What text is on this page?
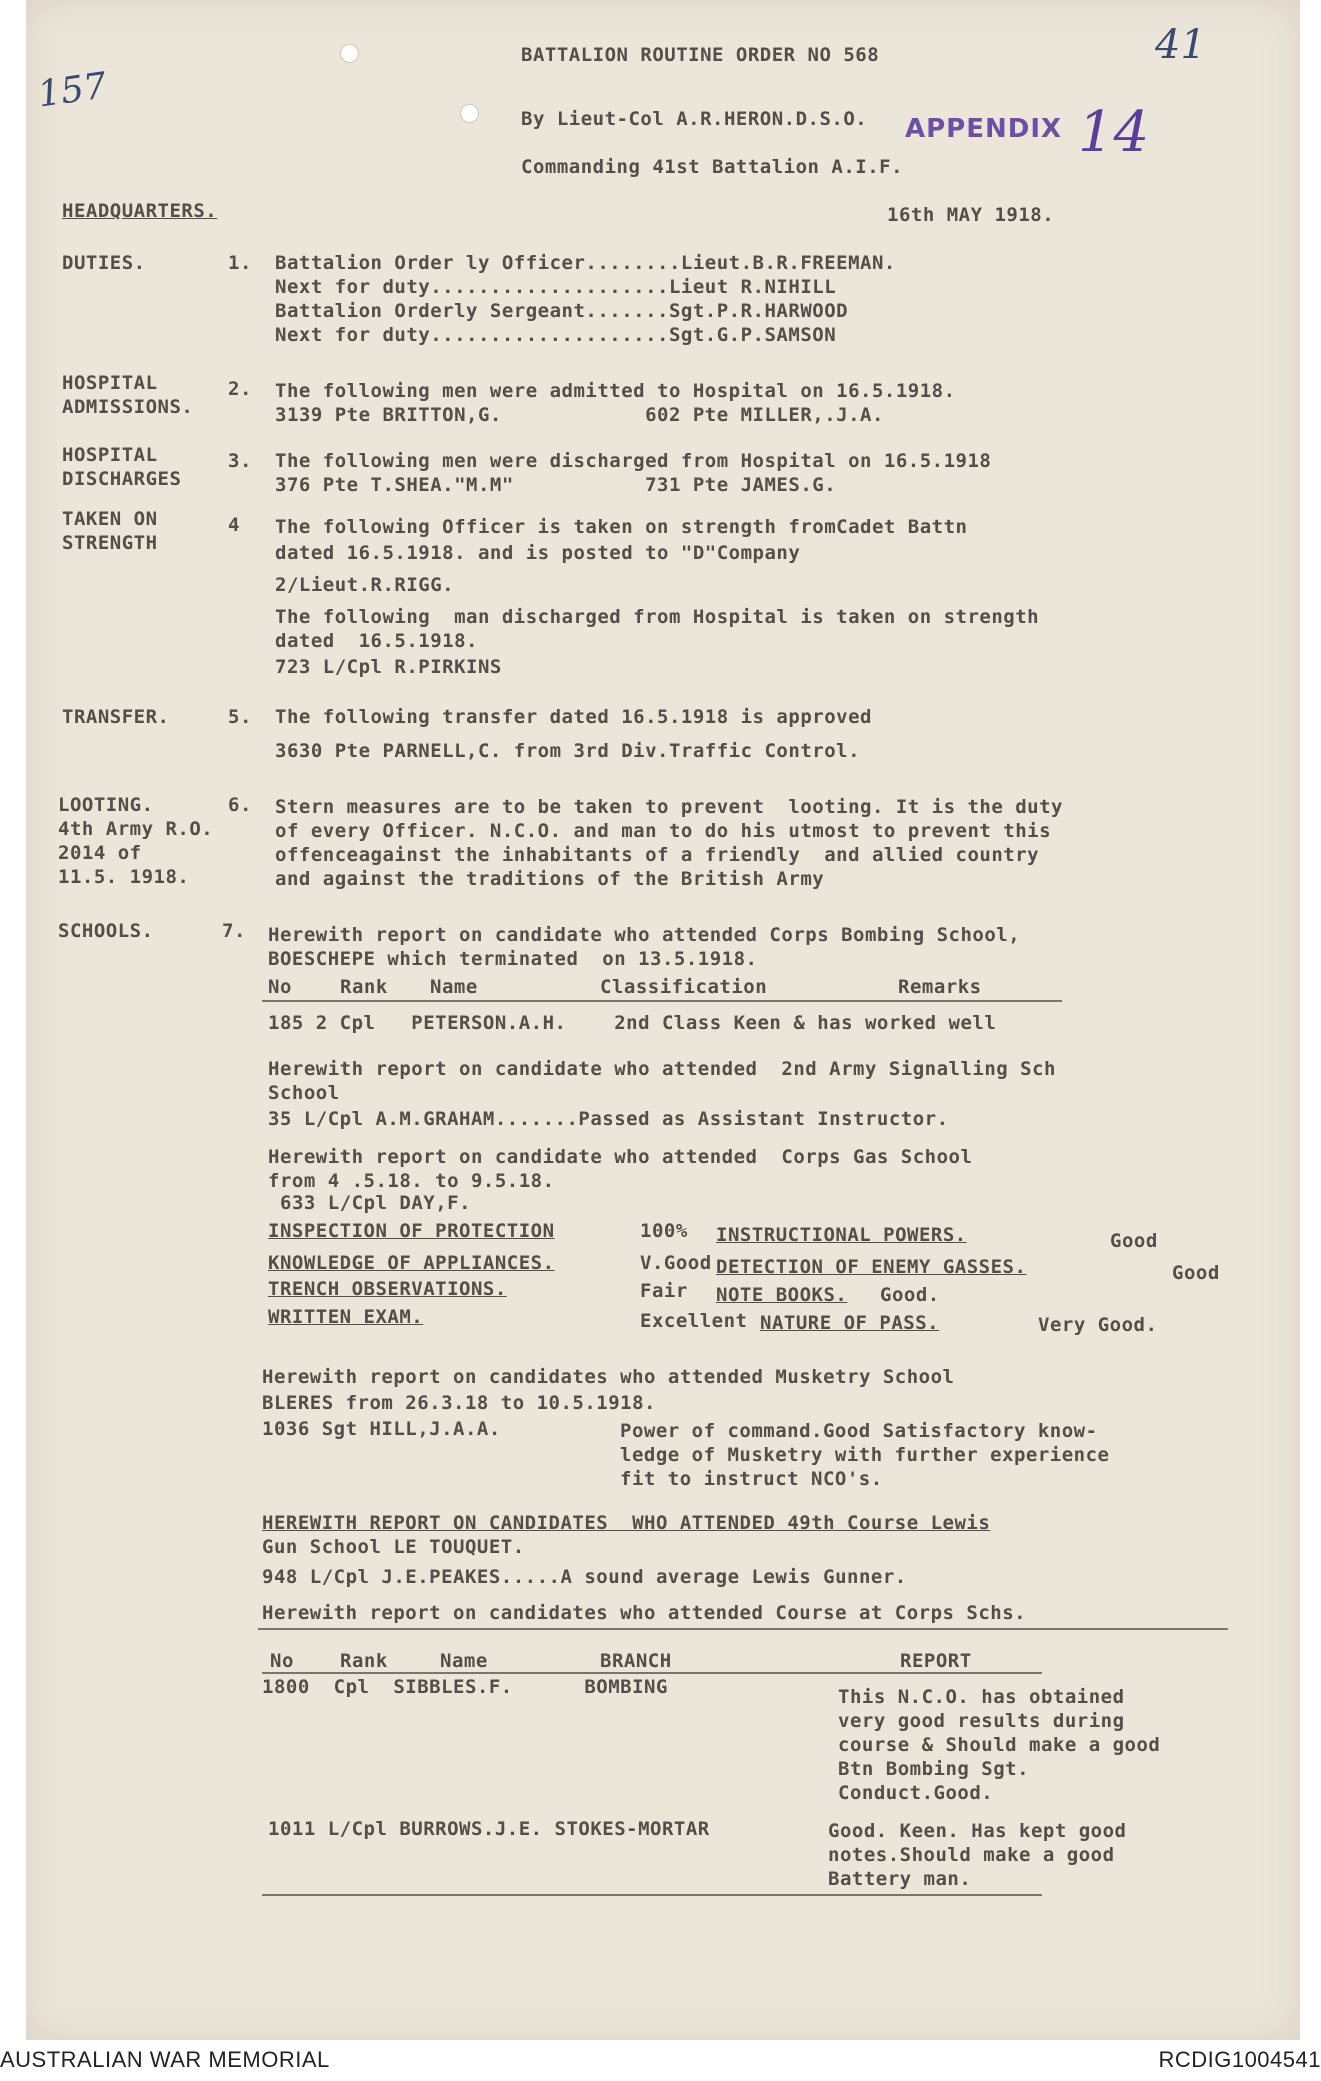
157
41
APPENDIX 14
BATTALION ROUTINE ORDER NO 568
By Lieut-Col A.R.HERON.D.S.O.
Commanding 41st Battalion A.I.F.
HEADQUARTERS.	16th MAY 1918.
DUTIES.	1. Battalion Order ly Officer........Lieut.B.R.FREEMAN.
Next for duty....................Lieut R.NIHILL
Battalion Orderly Sergeant.......Sgt.P.R.HARWOOD
Next for duty....................Sgt.G.P.SAMSON
HOSPITAL
ADMISSIONS.
2. The following men were admitted to Hospital on 16.5.1918.
3139 Pte BRITTON,G.            602 Pte MILLER,.J.A.
HOSPITAL
DISCHARGES
3. The following men were discharged from Hospital on 16.5.1918
376 Pte T.SHEA."M.M"           731 Pte JAMES.G.
TAKEN ON
STRENGTH
4 The following Officer is taken on strength fromCadet Battn
dated 16.5.1918. and is posted to "D"Company
2/Lieut.R.RIGG.
The following  man discharged from Hospital is taken on strength
dated  16.5.1918.
723 L/Cpl R.PIRKINS
TRANSFER.	5. The following transfer dated 16.5.1918 is approved
3630 Pte PARNELL,C. from 3rd Div.Traffic Control.
LOOTING.
4th Army R.O.
2014 of
11.5. 1918.
6. Stern measures are to be taken to prevent  looting. It is the duty
of every Officer. N.C.O. and man to do his utmost to prevent this
offenceagainst the inhabitants of a friendly  and allied country
and against the traditions of the British Army
SCHOOLS.	7. Herewith report on candidate who attended Corps Bombing School,
BOESCHEPE which terminated  on 13.5.1918.
No	Rank Name	Classification	Remarks
185 2 Cpl   PETERSON.A.H.    2nd Class Keen & has worked well
Herewith report on candidate who attended  2nd Army Signalling Sch
School
35 L/Cpl A.M.GRAHAM.......Passed as Assistant Instructor.
Herewith report on candidate who attended  Corps Gas School
from 4 .5.18. to 9.5.18.
633 L/Cpl DAY,F.
INSPECTION OF PROTECTION	100% INSTRUCTIONAL POWERS.	Good
KNOWLEDGE OF APPLIANCES.	V.Good DETECTION OF ENEMY GASSES.	Good
TRENCH OBSERVATIONS.	Fair NOTE BOOKS. Good.
WRITTEN EXAM.	Excellent NATURE OF PASS.	Very Good.
Herewith report on candidates who attended Musketry School
BLERES from 26.3.18 to 10.5.1918.
1036 Sgt HILL,J.A.A.	Power of command.Good Satisfactory know-
ledge of Musketry with further experience
fit to instruct NCO's.
HEREWITH REPORT ON CANDIDATES  WHO ATTENDED 49th Course Lewis
Gun School LE TOUQUET.
948 L/Cpl J.E.PEAKES.....A sound average Lewis Gunner.
Herewith report on candidates who attended Course at Corps Schs.
No Rank	Name	BRANCH	REPORT
1800  Cpl  SIBBLES.F.      BOMBING	This N.C.O. has obtained
very good results during
course & Should make a good
Btn Bombing Sgt.
Conduct.Good.
1011 L/Cpl BURROWS.J.E. STOKES-MORTAR	Good. Keen. Has kept good
notes.Should make a good
Battery man.
AUSTRALIAN WAR MEMORIAL	RCDIG1004541
